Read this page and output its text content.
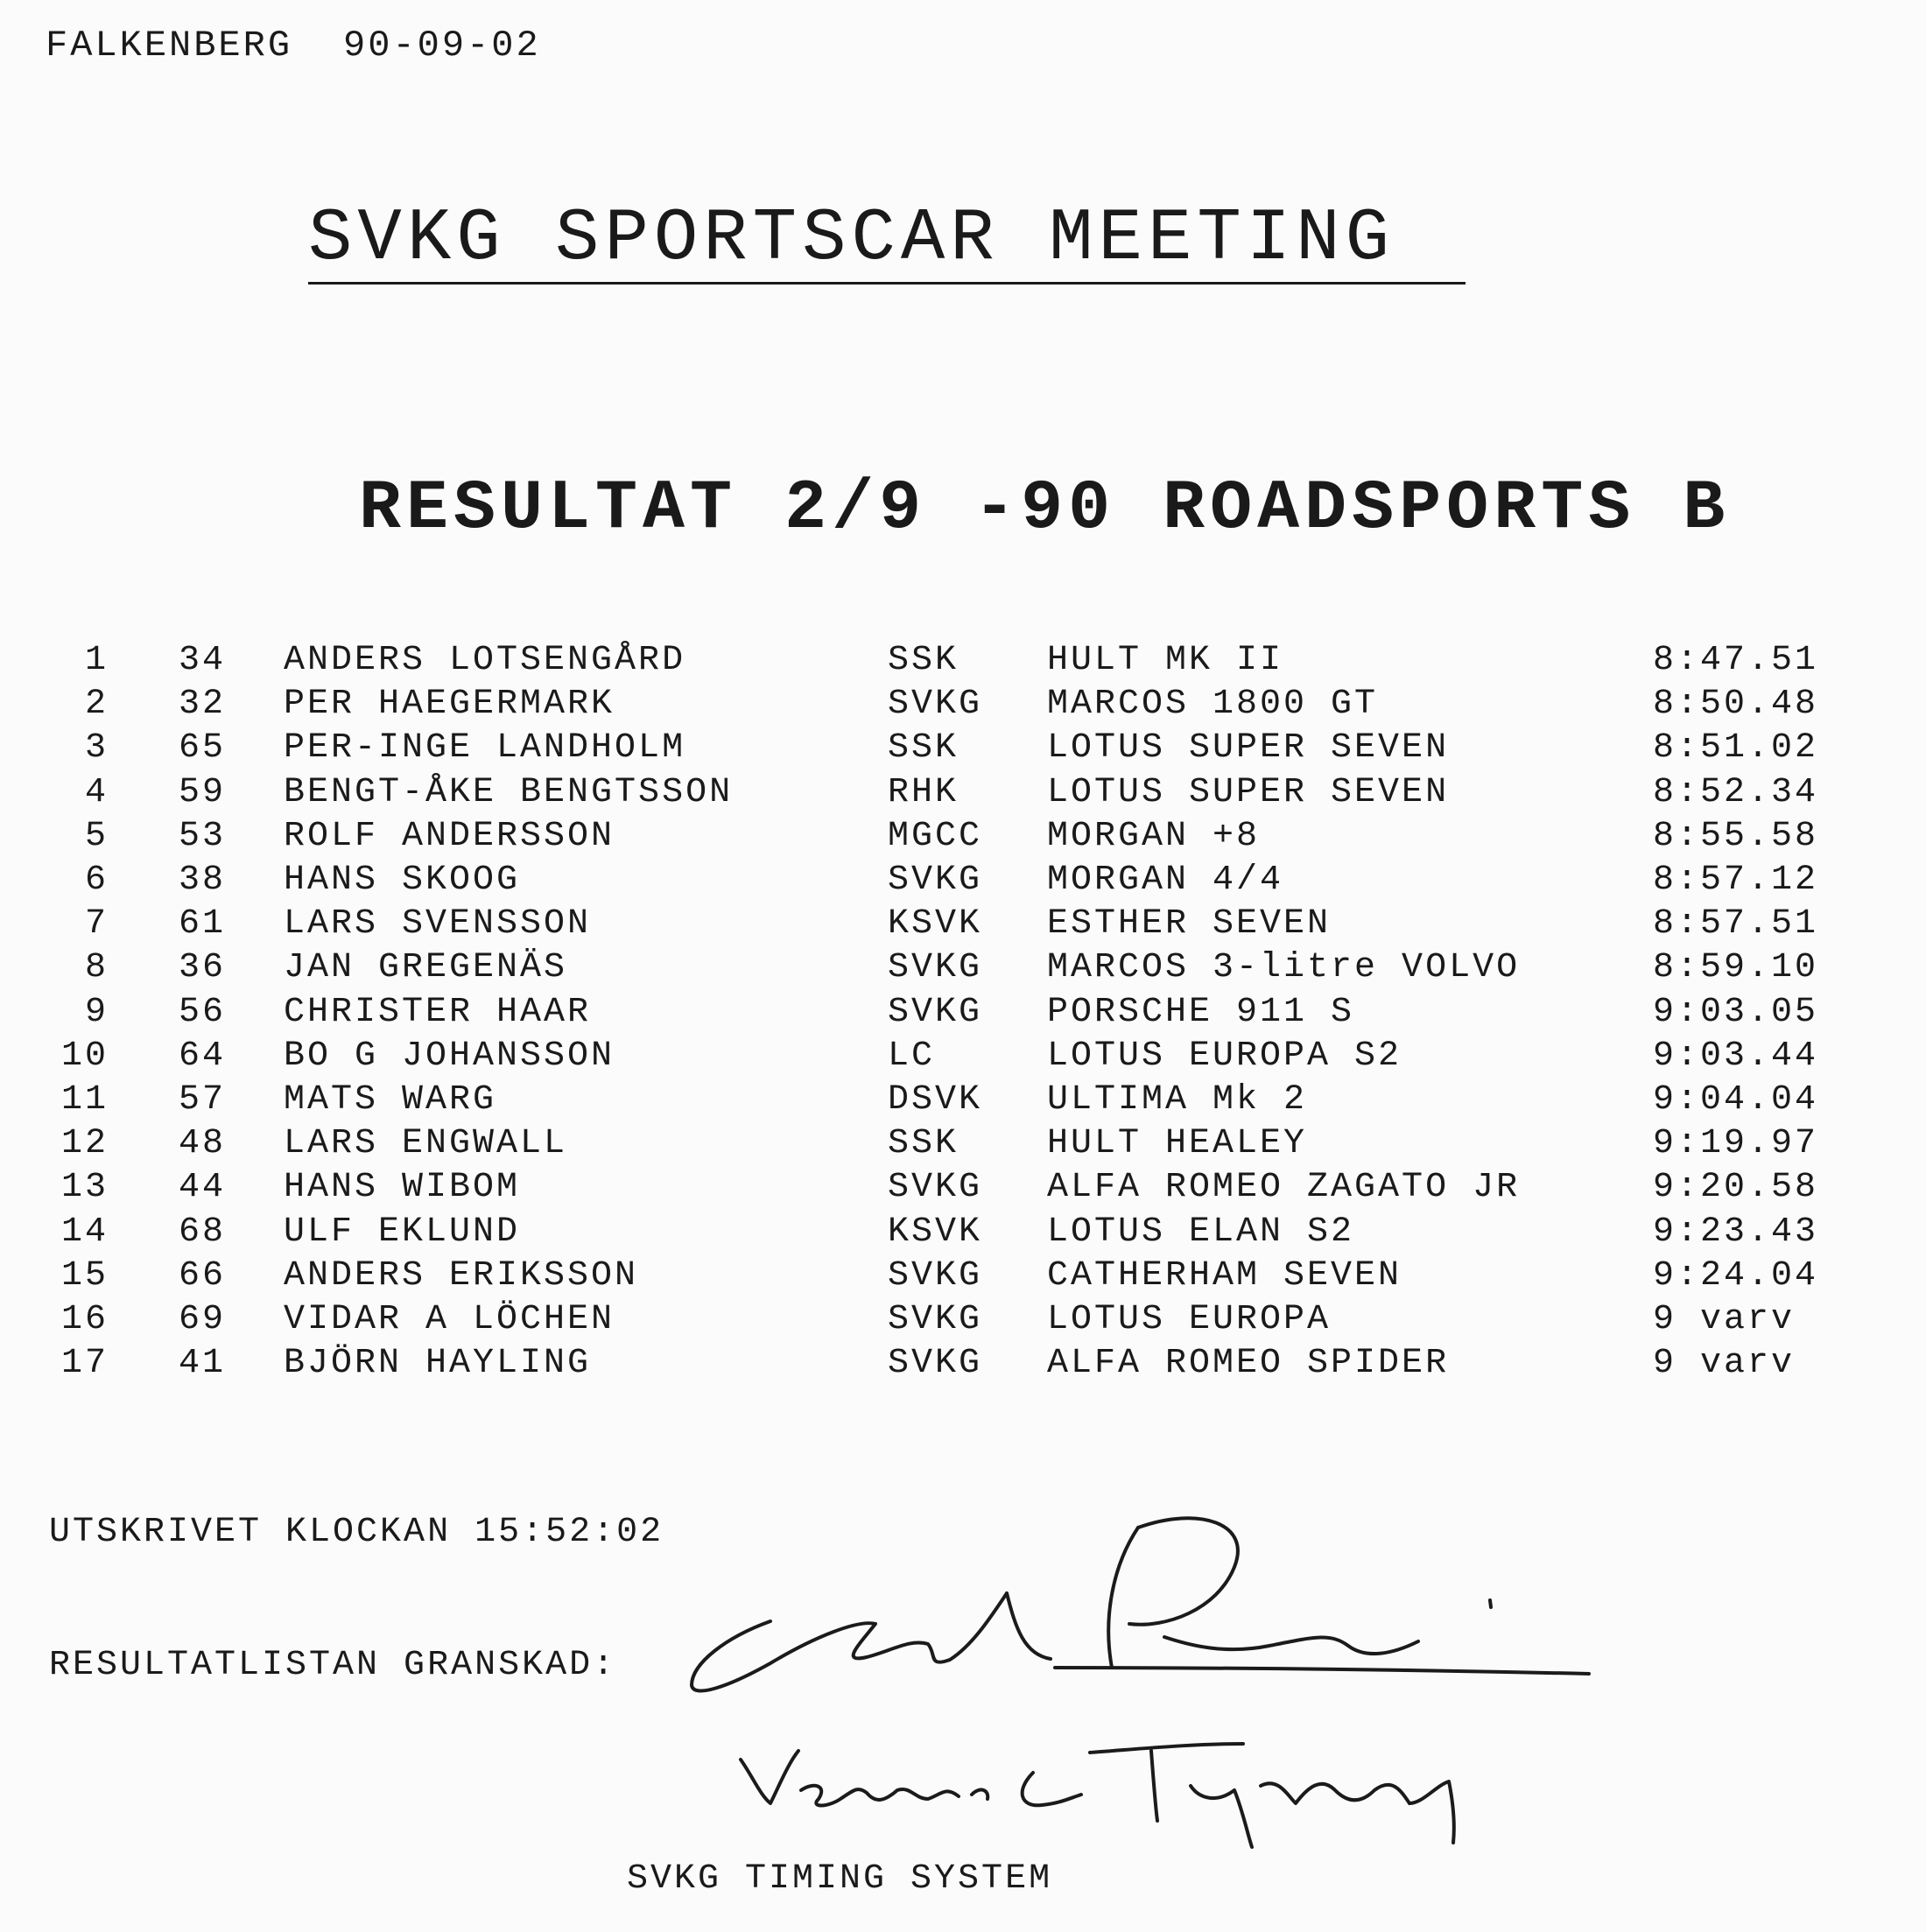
FALKENBERG 90-09-02
SVKG SPORTSCAR MEETING
RESULTAT 2/9 -90 ROADSPORTS B
1 34 ANDERS LOTSENGÅRD	SSK	HULT MK II	8:47.51
2 32 PER HAEGERMARK	SVKG MARCOS 1800 GT	8:50.48
3 65 PER-INGE LANDHOLM	SSK	LOTUS SUPER SEVEN	8:51.02
4 59 BENGT-ÅKE BENGTSSON	RHK	LOTUS SUPER SEVEN	8:52.34
5 53 ROLF ANDERSSON	MGCC MORGAN +8	8:55.58
6 38 HANS SKOOG	SVKG MORGAN 4/4	8:57.12
7 61 LARS SVENSSON	KSVK ESTHER SEVEN	8:57.51
8 36 JAN GREGENÄS	SVKG MARCOS 3-litre VOLVO	8:59.10
9 56 CHRISTER HAAR	SVKG PORSCHE 911 S	9:03.05
10 64 BO G JOHANSSON	LC	LOTUS EUROPA S2	9:03.44
11 57 MATS WARG	DSVK ULTIMA Mk 2	9:04.04
12 48 LARS ENGWALL	SSK	HULT HEALEY	9:19.97
13 44 HANS WIBOM	SVKG ALFA ROMEO ZAGATO JR	9:20.58
14 68 ULF EKLUND	KSVK LOTUS ELAN S2	9:23.43
15 66 ANDERS ERIKSSON	SVKG CATHERHAM SEVEN	9:24.04
16 69 VIDAR A LÖCHEN	SVKG LOTUS EUROPA	9 varv
17 41 BJÖRN HAYLING	SVKG ALFA ROMEO SPIDER	9 varv
UTSKRIVET KLOCKAN 15:52:02
RESULTATLISTAN GRANSKAD:
SVKG TIMING SYSTEM
